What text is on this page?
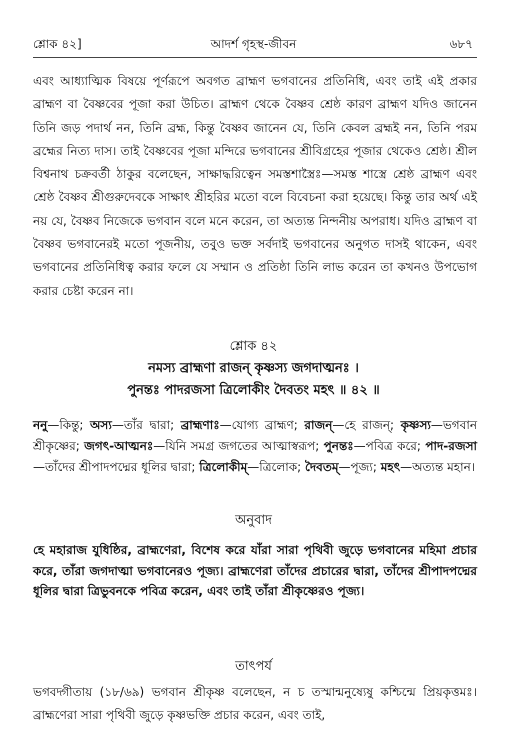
শ্লোক ৪২]	আদর্শ গৃহস্থ-জীবন	৬৮৭

এবং আধ্যাত্মিক বিষয়ে পূর্ণরূপে অবগত ব্রাহ্মণ ভগবানের প্রতিনিধি, এবং তাই এই প্রকার ব্রাহ্মণ বা বৈষ্ণবের পূজা করা উচিত। ব্রাহ্মণ থেকে বৈষ্ণব শ্রেষ্ঠ কারণ ব্রাহ্মণ যদিও জানেন তিনি জড় পদার্থ নন, তিনি ব্রহ্ম, কিন্তু বৈষ্ণব জানেন যে, তিনি কেবল ব্রহ্মই নন, তিনি পরম ব্রহ্মের নিত্য দাস। তাই বৈষ্ণবের পূজা মন্দিরে ভগবানের শ্রীবিগ্রহের পূজার থেকেও শ্রেষ্ঠ। শ্রীল বিশ্বনাথ চক্রবর্তী ঠাকুর বলেছেন, সাক্ষাদ্ধরিত্বেন সমস্তশাস্ত্রৈঃ—সমস্ত শাস্ত্রে শ্রেষ্ঠ ব্রাহ্মণ এবং শ্রেষ্ঠ বৈষ্ণব শ্রীগুরুদেবকে সাক্ষাৎ শ্রীহরির মতো বলে বিবেচনা করা হয়েছে। কিন্তু তার অর্থ এই নয় যে, বৈষ্ণব নিজেকে ভগবান বলে মনে করেন, তা অত্যন্ত নিন্দনীয় অপরাধ। যদিও ব্রাহ্মণ বা বৈষ্ণব ভগবানেরই মতো পূজনীয়, তবুও ভক্ত সর্বদাই ভগবানের অনুগত দাসই থাকেন, এবং ভগবানের প্রতিনিধিত্ব করার ফলে যে সম্মান ও প্রতিষ্ঠা তিনি লাভ করেন তা কখনও উপভোগ করার চেষ্টা করেন না।

শ্লোক ৪২

নমস্য ব্রাহ্মণা রাজন্ কৃষ্ণস্য জগদাত্মনঃ ।

পুনন্তঃ পাদরজসা ত্রিলোকীং দৈবতং মহৎ ॥ ৪২ ॥

ননু—কিন্তু; অস্য—তাঁর দ্বারা; ব্রাহ্মণাঃ—যোগ্য ব্রাহ্মণ; রাজন্—হে রাজন্; কৃষ্ণস্য—ভগবান শ্রীকৃষ্ণের; জগৎ-আত্মনঃ—যিনি সমগ্র জগতের আত্মাস্বরূপ; পুনন্তঃ—পবিত্র করে; পাদ-রজসা—তাঁদের শ্রীপাদপদ্মের ধূলির দ্বারা; ত্রিলোকীম্—ত্রিলোক; দৈবতম্—পূজ্য; মহৎ—অত্যন্ত মহান।

অনুবাদ

হে মহারাজ যুধিষ্ঠির, ব্রাহ্মণেরা, বিশেষ করে যাঁরা সারা পৃথিবী জুড়ে ভগবানের মহিমা প্রচার করে, তাঁরা জগদাত্মা ভগবানেরও পূজ্য। ব্রাহ্মণেরা তাঁদের প্রচারের দ্বারা, তাঁদের শ্রীপাদপদ্মের ধূলির দ্বারা ত্রিভুবনকে পবিত্র করেন, এবং তাই তাঁরা শ্রীকৃষ্ণেরও পূজ্য।

তাৎপর্য

ভগবদ্গীতায় (১৮/৬৯) ভগবান শ্রীকৃষ্ণ বলেছেন, ন চ তস্মান্মনুষ্যেষু কশ্চিন্মে প্রিয়কৃত্তমঃ। ব্রাহ্মণেরা সারা পৃথিবী জুড়ে কৃষ্ণভক্তি প্রচার করেন, এবং তাই,
